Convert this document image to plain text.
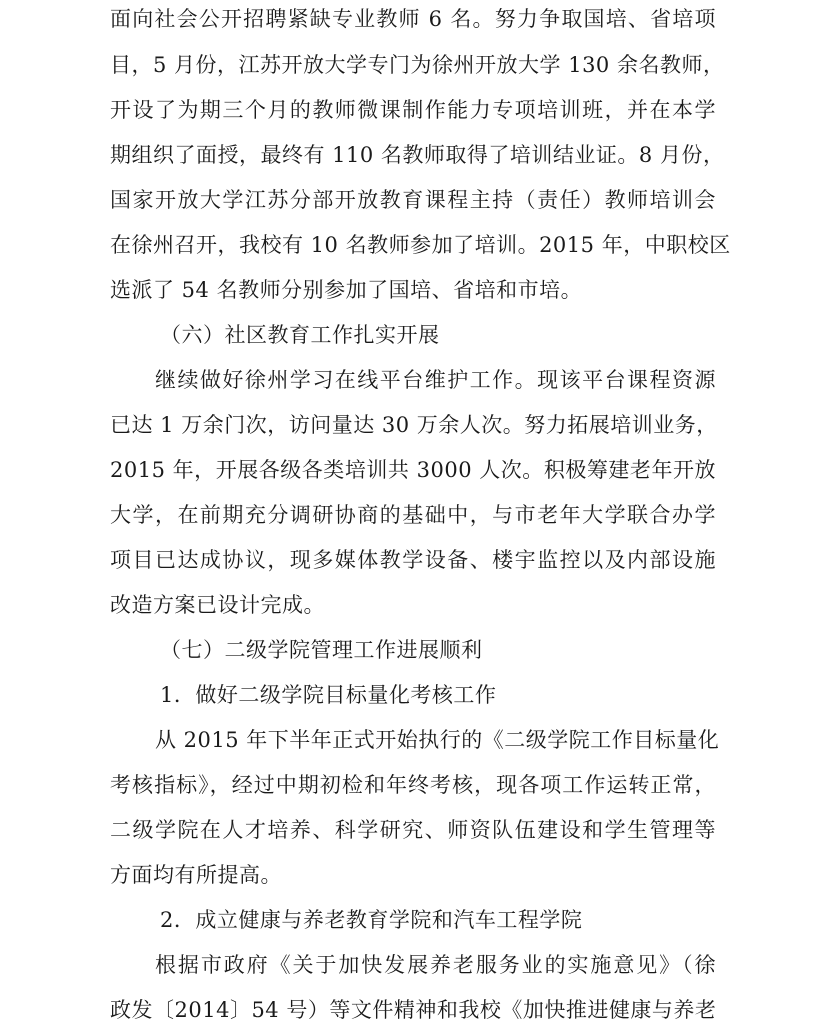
面向社会公开招聘紧缺专业教师 6 名。努力争取国培、省培项
目，5 月份，江苏开放大学专门为徐州开放大学 130 余名教师，
开设了为期三个月的教师微课制作能力专项培训班，并在本学
期组织了面授，最终有 110 名教师取得了培训结业证。8 月份，
国家开放大学江苏分部开放教育课程主持（责任）教师培训会
在徐州召开，我校有 10 名教师参加了培训。2015 年，中职校区
选派了 54 名教师分别参加了国培、省培和市培。
（六）社区教育工作扎实开展
继续做好徐州学习在线平台维护工作。现该平台课程资源
已达 1 万余门次，访问量达 30 万余人次。努力拓展培训业务，
2015 年，开展各级各类培训共 3000 人次。积极筹建老年开放
大学，在前期充分调研协商的基础中，与市老年大学联合办学
项目已达成协议，现多媒体教学设备、楼宇监控以及内部设施
改造方案已设计完成。
（七）二级学院管理工作进展顺利
1．做好二级学院目标量化考核工作
从 2015 年下半年正式开始执行的《二级学院工作目标量化
考核指标》，经过中期初检和年终考核，现各项工作运转正常，
二级学院在人才培养、科学研究、师资队伍建设和学生管理等
方面均有所提高。
2．成立健康与养老教育学院和汽车工程学院
根据市政府《关于加快发展养老服务业的实施意见》（徐
政发〔2014〕54 号）等文件精神和我校《加快推进健康与养老
